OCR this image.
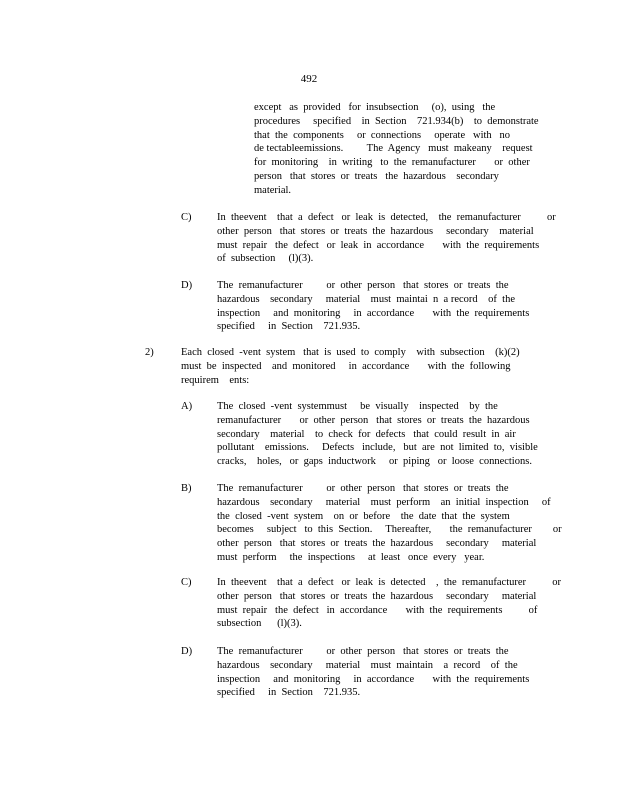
492
except   as  provided   for  insubsection     (o),  using   the
procedures     specified    in  Section    721.934(b)    to  demonstrate
that  the  components     or  connections     operate   with   no
de tectableemissions.         The  Agency   must  makeany    request
for  monitoring    in  writing   to  the  remanufacturer       or  other
person   that  stores  or  treats   the  hazardous    secondary
material.
C) In  theevent    that  a  defect   or  leak  is  detected,    the  remanufacturer          or
other  person   that  stores  or  treats  the  hazardous     secondary    material
must  repair   the  defect   or  leak  in  accordance       with  the  requirements
of  subsection     (l)(3).
D) The  remanufacturer         or  other  person   that  stores  or  treats  the
hazardous    secondary     material    must  maintai  n  a record    of  the
inspection     and  monitoring     in  accordance       with  the  requirements
specified     in  Section    721.935.
2)	Each  closed  -vent  system   that  is  used  to  comply    with  subsection    (k)(2)
must  be  inspected    and  monitored     in  accordance       with  the  following
requirem    ents:
A) The  closed  -vent  systemmust     be  visually    inspected    by  the
remanufacturer       or  other  person   that  stores  or  treats  the  hazardous
secondary    material    to  check  for  defects   that  could  result  in  air
pollutant    emissions.     Defects   include,   but  are  not  limited  to,  visible
cracks,    holes,   or  gaps  inductwork     or  piping   or  loose  connections.
B) The  remanufacturer         or  other  person   that  stores  or  treats  the
hazardous    secondary     material    must  perform    an  initial  inspection     of
the  closed  -vent  system    on  or  before    the  date  that  the  system
becomes     subject   to  this  Section.     Thereafter,       the  remanufacturer        or
other  person   that  stores  or  treats  the  hazardous     secondary     material
must  perform     the  inspections     at  least   once  every   year.
C) In  theevent    that  a  defect   or  leak  is  detected    ,  the  remanufacturer          or
other  person   that  stores  or  treats  the  hazardous     secondary     material
must  repair   the  defect   in  accordance       with  the  requirements          of
subsection      (l)(3).
D) The  remanufacturer         or  other  person   that  stores  or  treats  the
hazardous    secondary     material    must  maintain    a  record    of  the
inspection     and  monitoring     in  accordance       with  the  requirements
specified     in  Section    721.935.
